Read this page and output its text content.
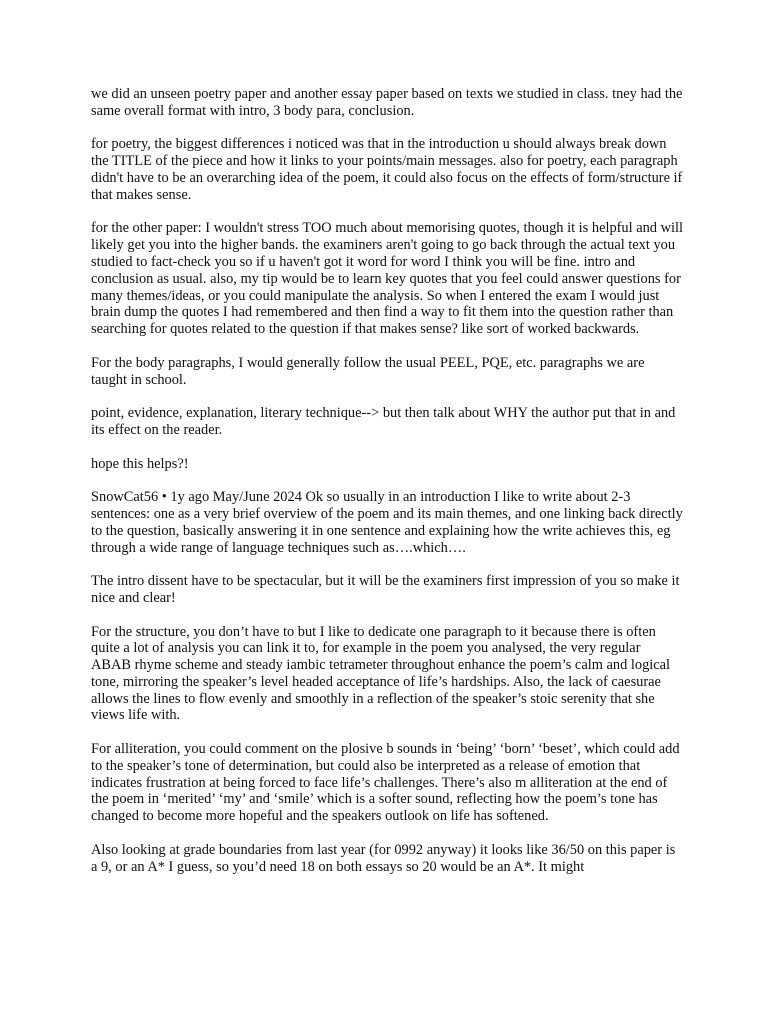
we did an unseen poetry paper and another essay paper based on texts we studied in class. tney had the same overall format with intro, 3 body para, conclusion.

for poetry, the biggest differences i noticed was that in the introduction u should always break down the TITLE of the piece and how it links to your points/main messages. also for poetry, each paragraph didn't have to be an overarching idea of the poem, it could also focus on the effects of form/structure if that makes sense.

for the other paper: I wouldn't stress TOO much about memorising quotes, though it is helpful and will likely get you into the higher bands. the examiners aren't going to go back through the actual text you studied to fact-check you so if u haven't got it word for word I think you will be fine. intro and conclusion as usual. also, my tip would be to learn key quotes that you feel could answer questions for many themes/ideas, or you could manipulate the analysis. So when I entered the exam I would just brain dump the quotes I had remembered and then find a way to fit them into the question rather than searching for quotes related to the question if that makes sense? like sort of worked backwards.

For the body paragraphs, I would generally follow the usual PEEL, PQE, etc. paragraphs we are taught in school.

point, evidence, explanation, literary technique--> but then talk about WHY the author put that in and its effect on the reader.

hope this helps?!

SnowCat56 • 1y ago May/June 2024 Ok so usually in an introduction I like to write about 2-3 sentences: one as a very brief overview of the poem and its main themes, and one linking back directly to the question, basically answering it in one sentence and explaining how the write achieves this, eg through a wide range of language techniques such as….which….

The intro dissent have to be spectacular, but it will be the examiners first impression of you so make it nice and clear!

For the structure, you don’t have to but I like to dedicate one paragraph to it because there is often quite a lot of analysis you can link it to, for example in the poem you analysed, the very regular ABAB rhyme scheme and steady iambic tetrameter throughout enhance the poem’s calm and logical tone, mirroring the speaker’s level headed acceptance of life’s hardships. Also, the lack of caesurae allows the lines to flow evenly and smoothly in a reflection of the speaker’s stoic serenity that she views life with.

For alliteration, you could comment on the plosive b sounds in ‘being’ ‘born’ ‘beset’, which could add to the speaker’s tone of determination, but could also be interpreted as a release of emotion that indicates frustration at being forced to face life’s challenges. There’s also m alliteration at the end of the poem in ‘merited’ ‘my’ and ‘smile’ which is a softer sound, reflecting how the poem’s tone has changed to become more hopeful and the speakers outlook on life has softened.

Also looking at grade boundaries from last year (for 0992 anyway) it looks like 36/50 on this paper is a 9, or an A* I guess, so you’d need 18 on both essays so 20 would be an A*. It might
